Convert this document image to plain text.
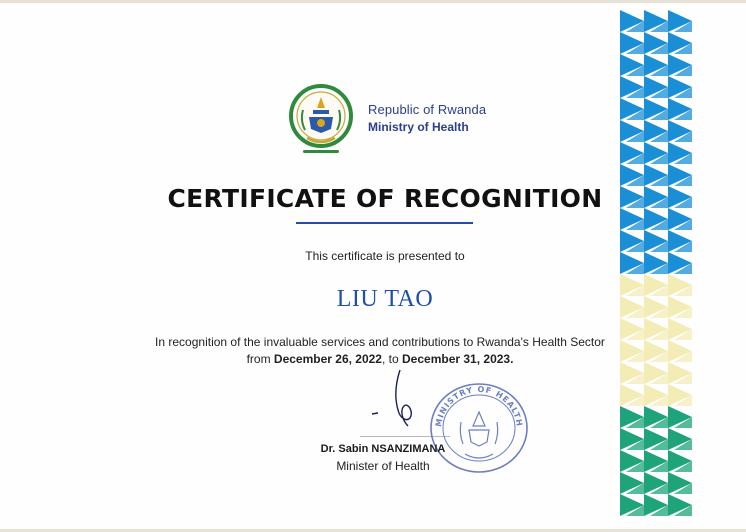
Republic of Rwanda
Ministry of Health
CERTIFICATE OF RECOGNITION
This certificate is presented to
LIU TAO
In recognition of the invaluable services and contributions to Rwanda's Health Sector
from December 26, 2022, to December 31, 2023.
MINISTRY OF HEALTH
Dr. Sabin NSANZIMANA
Minister of Health
